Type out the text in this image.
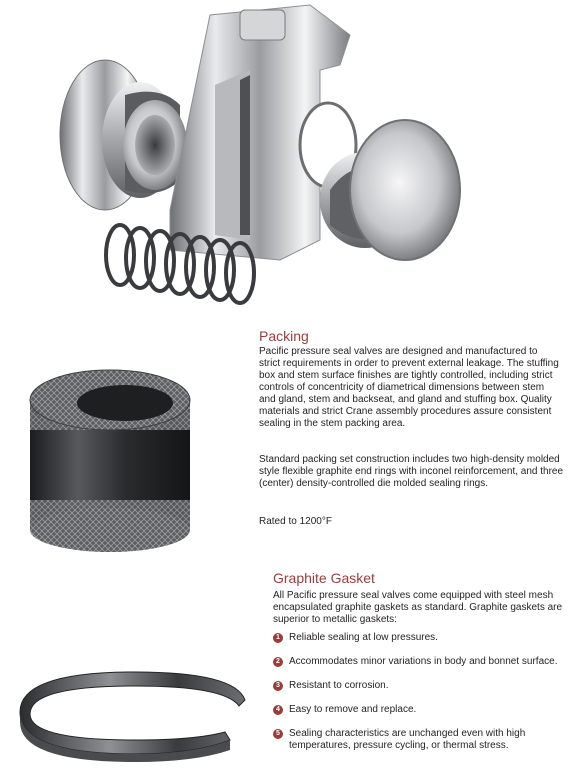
Packing

Pacific pressure seal valves are designed and manufactured to strict requirements in order to prevent external leakage. The stuffing box and stem surface finishes are tightly controlled, including strict controls of concentricity of diametrical dimensions between stem and gland, stem and backseat, and gland and stuffing box. Quality materials and strict Crane assembly procedures assure consistent sealing in the stem packing area.

Standard packing set construction includes two high-density molded style flexible graphite end rings with inconel reinforcement, and three (center) density-controlled die molded sealing rings.

Rated to 1200°F

Graphite Gasket

All Pacific pressure seal valves come equipped with steel mesh encapsulated graphite gaskets as standard. Graphite gaskets are superior to metallic gaskets:

1 Reliable sealing at low pressures.
2 Accommodates minor variations in body and bonnet surface.
3 Resistant to corrosion.
4 Easy to remove and replace.
5 Sealing characteristics are unchanged even with high temperatures, pressure cycling, or thermal stress.
